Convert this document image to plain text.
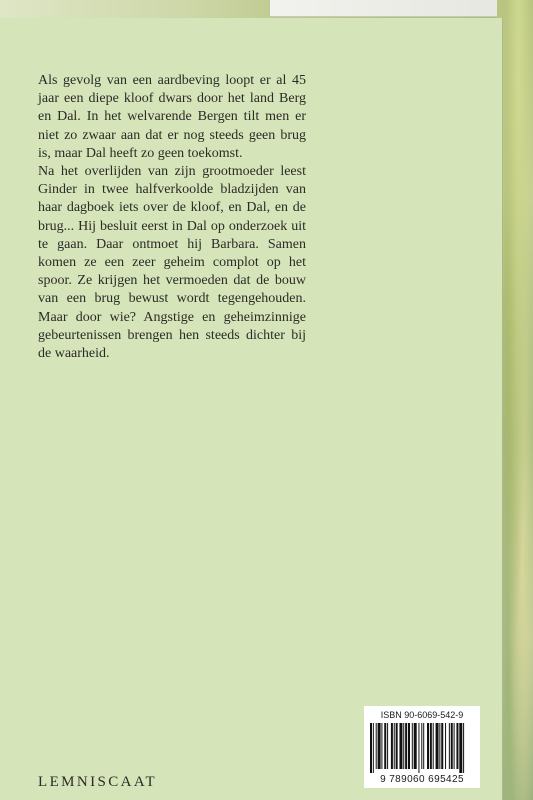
Als gevolg van een aardbeving loopt er al 45 jaar een diepe kloof dwars door het land Berg en Dal. In het welvarende Bergen tilt men er niet zo zwaar aan dat er nog steeds geen brug is, maar Dal heeft zo geen toekomst.

Na het overlijden van zijn grootmoeder leest Ginder in twee halfverkoolde bladzijden van haar dagboek iets over de kloof, en Dal, en de brug... Hij besluit eerst in Dal op onderzoek uit te gaan. Daar ontmoet hij Barbara. Samen komen ze een zeer geheim complot op het spoor. Ze krijgen het vermoeden dat de bouw van een brug bewust wordt tegengehouden. Maar door wie? Angstige en geheimzinnige gebeurtenissen brengen hen steeds dichter bij de waarheid.

LEMNISCAAT
ISBN 90-6069-542-9
9 789060 695425
